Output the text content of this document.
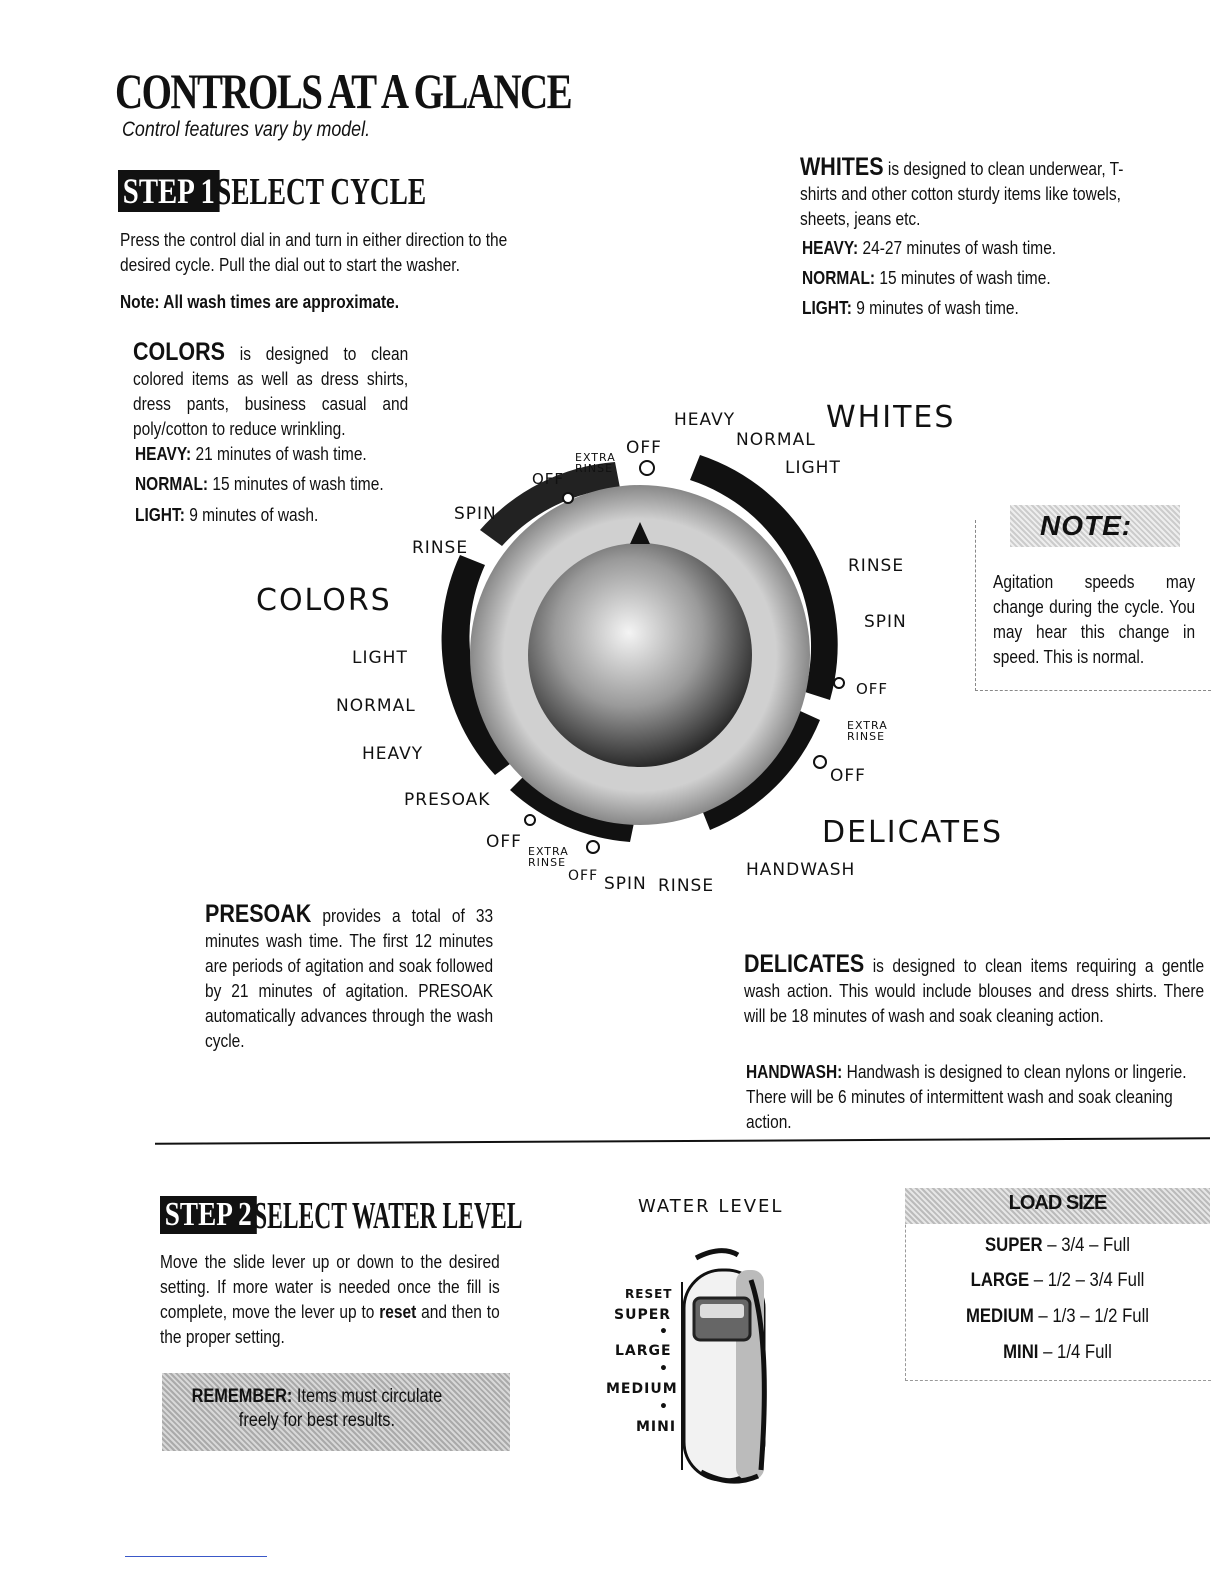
CONTROLS AT A GLANCE
Control features vary by model.
STEP 1 SELECT CYCLE
Press the control dial in and turn in either direction to the desired cycle. Pull the dial out to start the washer.
Note: All wash times are approximate.
WHITES is designed to clean underwear, T-shirts and other cotton sturdy items like towels, sheets, jeans etc.
HEAVY: 24-27 minutes of wash time.
NORMAL: 15 minutes of wash time.
LIGHT: 9 minutes of wash time.
COLORS is designed to clean colored items as well as dress shirts, dress pants, business casual and poly/cotton to reduce wrinkling.
HEAVY: 21 minutes of wash time.
NORMAL: 15 minutes of wash time.
LIGHT: 9 minutes of wash.	NOTE:
Agitation speeds may change during the cycle. You may hear this change in speed. This is normal.
WHITES
HEAVY
NORMAL
LIGHT
OFF
EXTRA
RINSE
OFF
SPIN
RINSE
COLORS
LIGHT
NORMAL
HEAVY
PRESOAK
OFF EXTRA
RINSE
OFF SPIN RINSE
HANDWASH
DELICATES
RINSE
SPIN
OFF
EXTRA
RINSE
OFF
PRESOAK provides a total of 33 minutes wash time. The first 12 minutes are periods of agitation and soak followed by 21 minutes of agitation. PRESOAK automatically advances through the wash cycle.
DELICATES is designed to clean items requiring a gentle wash action. This would include blouses and dress shirts. There will be 18 minutes of wash and soak cleaning action.
HANDWASH: Handwash is designed to clean nylons or lingerie. There will be 6 minutes of intermittent wash and soak cleaning action.
STEP 2 SELECT WATER LEVEL
Move the slide lever up or down to the desired setting. If more water is needed once the fill is complete, move the lever up to reset and then to the proper setting.
REMEMBER: Items must circulate freely for best results.
WATER LEVEL
RESET
SUPER
•
LARGE
•
MEDIUM
•
MINI
LOAD SIZE
SUPER – 3/4 – Full
LARGE – 1/2 – 3/4 Full
MEDIUM – 1/3 – 1/2 Full
MINI – 1/4 Full
